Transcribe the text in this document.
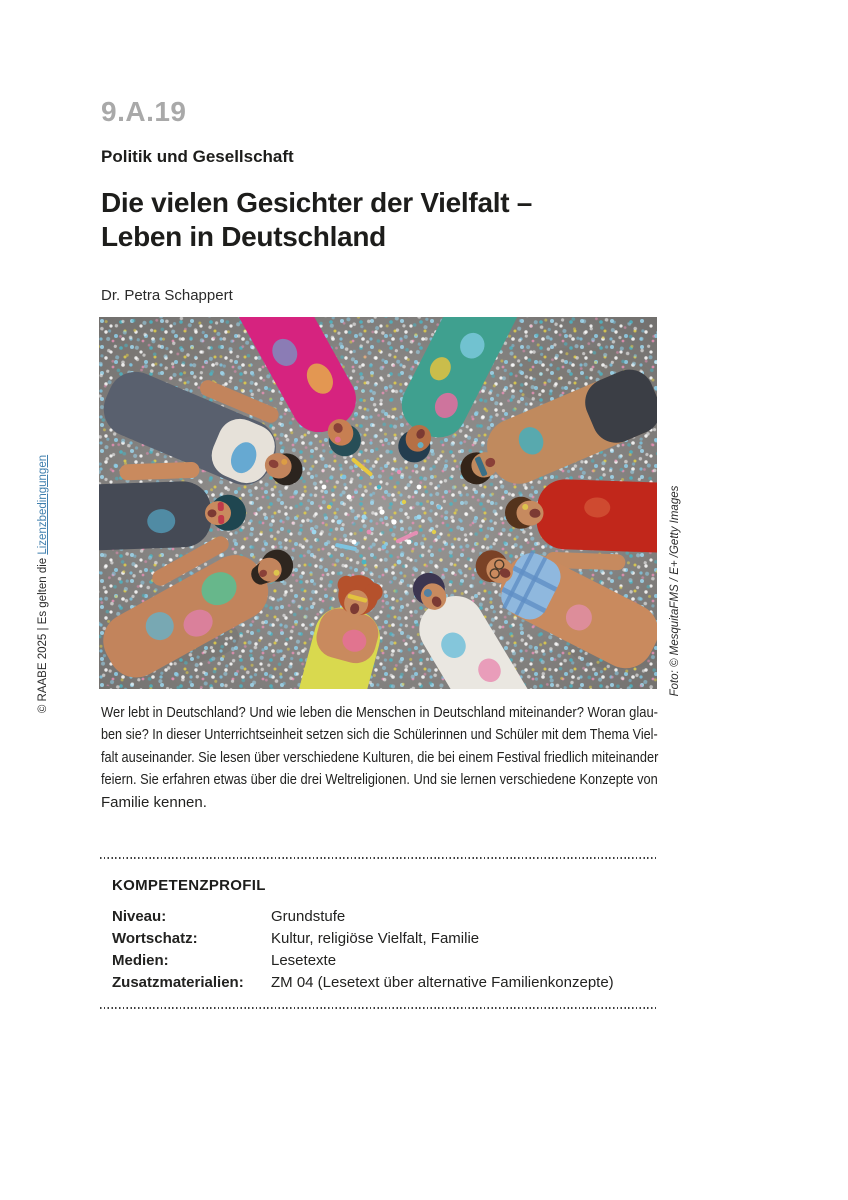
© RAABE 2025 | Es gelten die Lizenzbedingungen
9.A.19
Politik und Gesellschaft
Die vielen Gesichter der Vielfalt –
Leben in Deutschland
Dr. Petra Schappert
Foto: © MesquitaFMS / E+ /Getty Images
Wer lebt in Deutschland? Und wie leben die Menschen in Deutschland miteinander? Woran glau-
ben sie? In dieser Unterrichtseinheit setzen sich die Schülerinnen und Schüler mit dem Thema Viel-
falt auseinander. Sie lesen über verschiedene Kulturen, die bei einem Festival friedlich miteinander
feiern. Sie erfahren etwas über die drei Weltreligionen. Und sie lernen verschiedene Konzepte von
Familie kennen.
KOMPETENZPROFIL
Niveau:	Grundstufe
Wortschatz:	Kultur, religiöse Vielfalt, Familie
Medien:	Lesetexte
Zusatzmaterialien:	ZM 04 (Lesetext über alternative Familienkonzepte)
